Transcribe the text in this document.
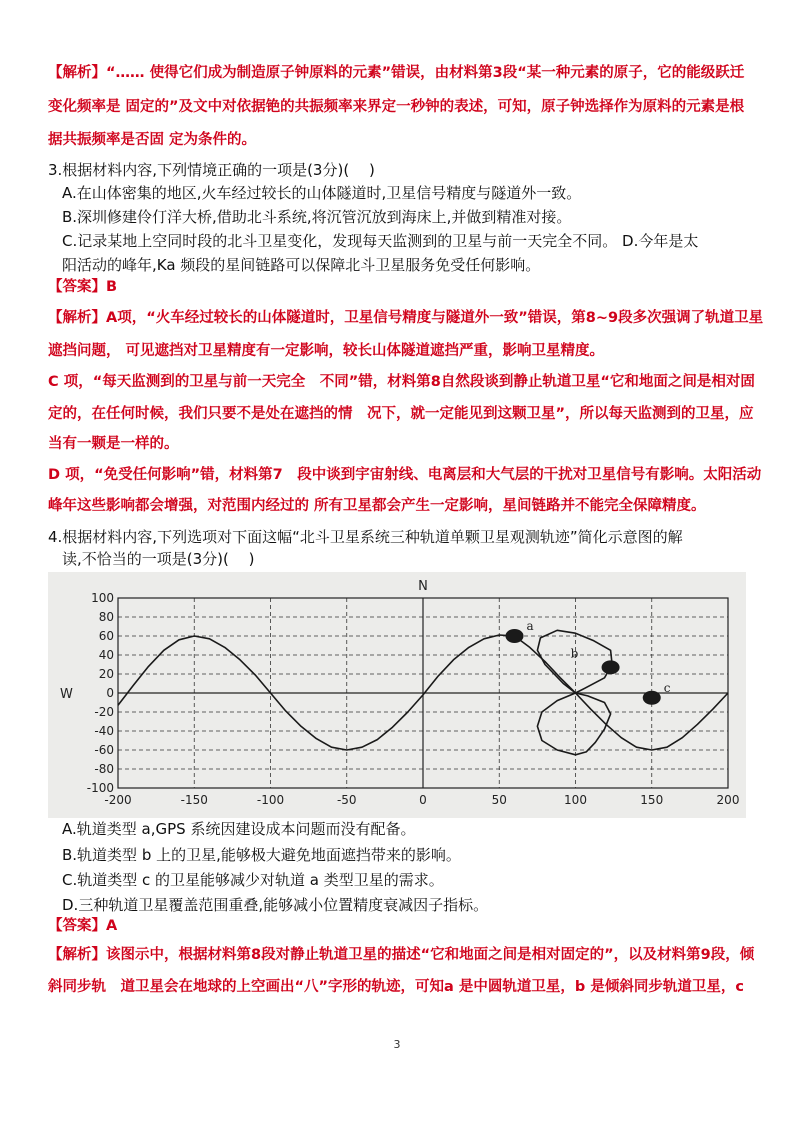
【解析】“…… 使得它们成为制造原子钟原料的元素”错误，由材料第3段“某一种元素的原子，它的能级跃迁
变化频率是 固定的”及文中对依据铯的共振频率来界定一秒钟的表述，可知，原子钟选择作为原料的元素是根
据共振频率是否固 定为条件的。
3.根据材料内容,下列情境正确的一项是(3分)(　 )
A.在山体密集的地区,火车经过较长的山体隧道时,卫星信号精度与隧道外一致。
B.深圳修建伶仃洋大桥,借助北斗系统,将沉管沉放到海床上,并做到精准对接。
C.记录某地上空同时段的北斗卫星变化，发现每天监测到的卫星与前一天完全不同。 D.今年是太
阳活动的峰年,Ka 频段的星间链路可以保障北斗卫星服务免受任何影响。
【答案】B
【解析】A项，“火车经过较长的山体隧道时，卫星信号精度与隧道外一致”错误，第8~9段多次强调了轨道卫星
遮挡问题， 可见遮挡对卫星精度有一定影响，较长山体隧道遮挡严重，影响卫星精度。
C 项，“每天监测到的卫星与前一天完全　不同”错，材料第8自然段谈到静止轨道卫星“它和地面之间是相对固
定的，在任何时候，我们只要不是处在遮挡的情　况下，就一定能见到这颗卫星”，所以每天监测到的卫星，应
当有一颗是一样的。
D 项，“免受任何影响”错，材料第7　段中谈到宇宙射线、电离层和大气层的干扰对卫星信号有影响。太阳活动
峰年这些影响都会增强，对范围内经过的 所有卫星都会产生一定影响，星间链路并不能完全保障精度。
4.根据材料内容,下列选项对下面这幅“北斗卫星系统三种轨道单颗卫星观测轨迹”简化示意图的解
读,不恰当的一项是(3分)(　 )
a
b
c
100
80
60
40
20
0
-20
-40
-60
-80
-100
-200	-150	-100	-50	0	50	100	150	200
N
W
A.轨道类型 a,GPS 系统因建设成本问题而没有配备。
B.轨道类型 b 上的卫星,能够极大避免地面遮挡带来的影响。
C.轨道类型 c 的卫星能够减少对轨道 a 类型卫星的需求。
D.三种轨道卫星覆盖范围重叠,能够减小位置精度衰减因子指标。
【答案】A
【解析】该图示中，根据材料第8段对静止轨道卫星的描述“它和地面之间是相对固定的”，以及材料第9段，倾
斜同步轨　道卫星会在地球的上空画出“八”字形的轨迹，可知a 是中圆轨道卫星，b 是倾斜同步轨道卫星，c
3
